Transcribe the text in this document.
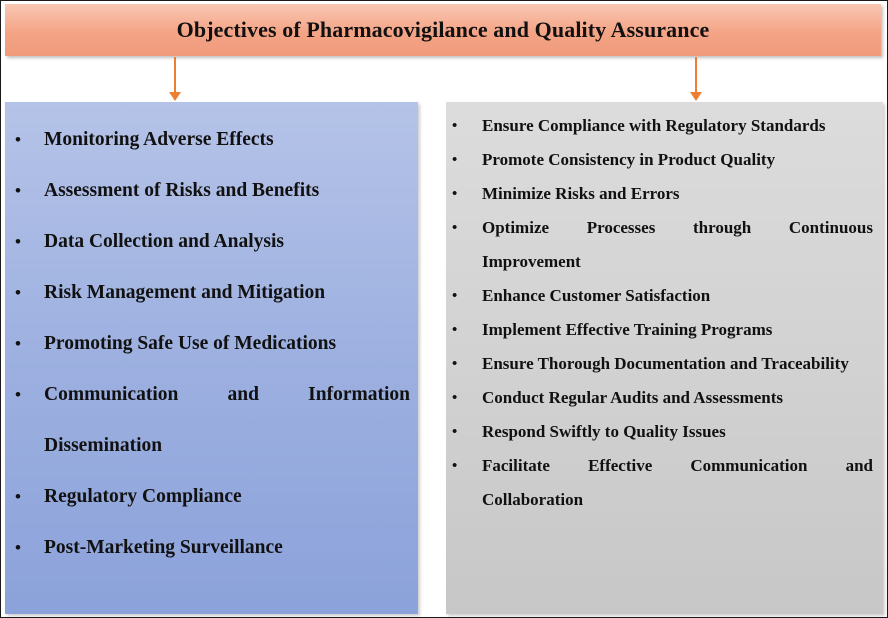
Objectives of Pharmacovigilance and Quality Assurance
• Monitoring Adverse Effects
• Assessment of Risks and Benefits
• Data Collection and Analysis
• Risk Management and Mitigation
• Promoting Safe Use of Medications
• Communication and Information Dissemination
• Regulatory Compliance
• Post-Marketing Surveillance
• Ensure Compliance with Regulatory Standards
• Promote Consistency in Product Quality
• Minimize Risks and Errors
• Optimize Processes through Continuous Improvement
• Enhance Customer Satisfaction
• Implement Effective Training Programs
• Ensure Thorough Documentation and Traceability
• Conduct Regular Audits and Assessments
• Respond Swiftly to Quality Issues
• Facilitate Effective Communication and Collaboration
